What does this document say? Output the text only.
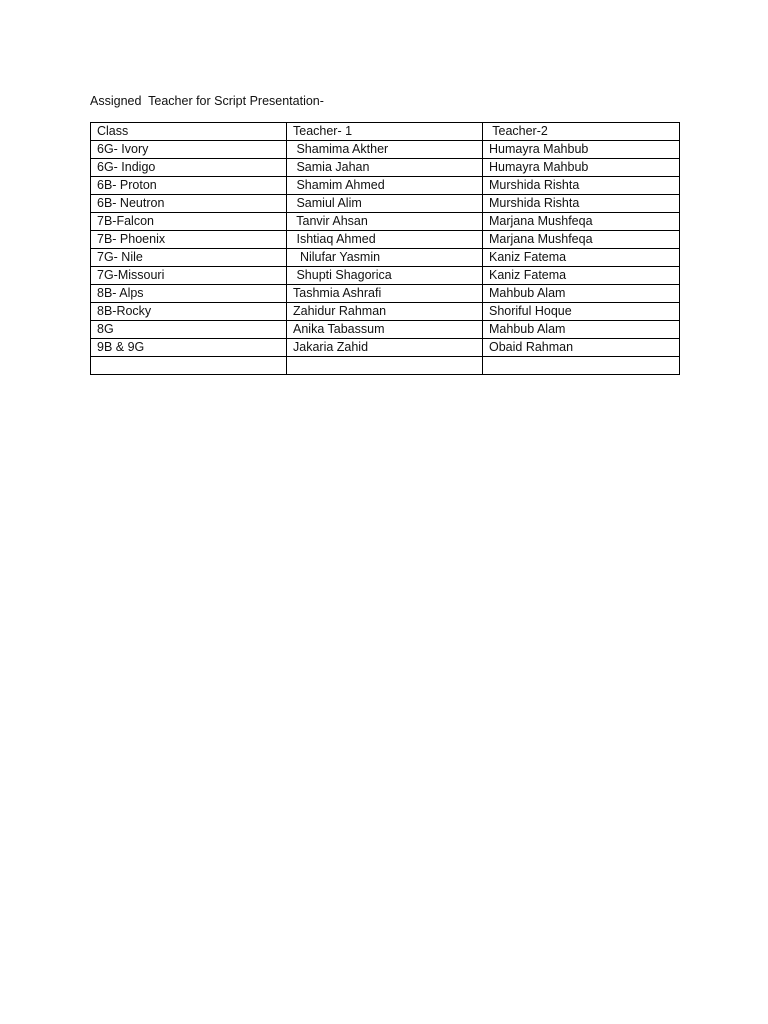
Assigned  Teacher for Script Presentation-
Class	Teacher- 1	Teacher-2
6G- Ivory	Shamima Akther	Humayra Mahbub
6G- Indigo	Samia Jahan	Humayra Mahbub
6B- Proton	Shamim Ahmed	Murshida Rishta
6B- Neutron	Samiul Alim	Murshida Rishta
7B-Falcon	Tanvir Ahsan	Marjana Mushfeqa
7B- Phoenix	Ishtiaq Ahmed	Marjana Mushfeqa
7G- Nile	Nilufar Yasmin	Kaniz Fatema
7G-Missouri	Shupti Shagorica	Kaniz Fatema
8B- Alps	Tashmia Ashrafi	Mahbub Alam
8B-Rocky	Zahidur Rahman	Shoriful Hoque
8G	Anika Tabassum	Mahbub Alam
9B & 9G	Jakaria Zahid	Obaid Rahman
